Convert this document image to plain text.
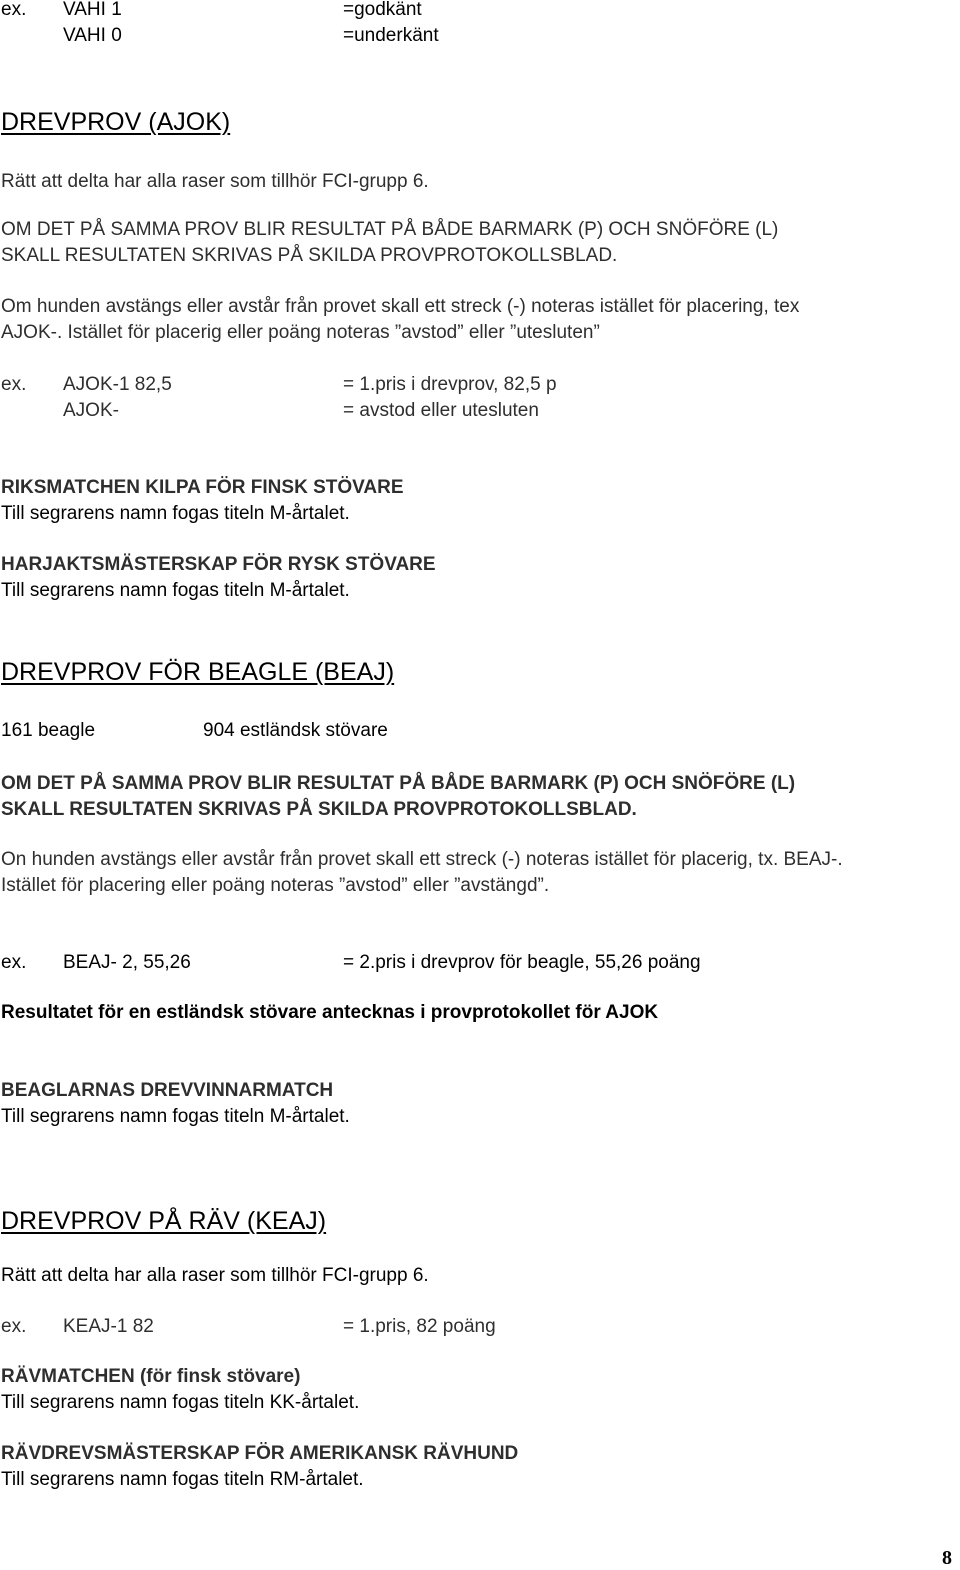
ex. VAHI 1	=godkänt
VAHI 0	=underkänt
DREVPROV (AJOK)
Rätt att delta har alla raser som tillhör FCI-grupp 6.
OM DET PÅ SAMMA PROV BLIR RESULTAT PÅ BÅDE BARMARK (P) OCH SNÖFÖRE (L)
SKALL RESULTATEN SKRIVAS PÅ SKILDA PROVPROTOKOLLSBLAD.
Om hunden avstängs eller avstår från provet skall ett streck (-) noteras istället för placering, tex
AJOK-. Istället för placerig eller poäng noteras ”avstod” eller ”utesluten”
ex. AJOK-1 82,5	= 1.pris i drevprov, 82,5 p
AJOK-	= avstod eller utesluten
RIKSMATCHEN KILPA FÖR FINSK STÖVARE
Till segrarens namn fogas titeln M-årtalet.
HARJAKTSMÄSTERSKAP FÖR RYSK STÖVARE
Till segrarens namn fogas titeln M-årtalet.
DREVPROV FÖR BEAGLE (BEAJ)
161 beagle	904 estländsk stövare
OM DET PÅ SAMMA PROV BLIR RESULTAT PÅ BÅDE BARMARK (P) OCH SNÖFÖRE (L)
SKALL RESULTATEN SKRIVAS PÅ SKILDA PROVPROTOKOLLSBLAD.
On hunden avstängs eller avstår från provet skall ett streck (-) noteras istället för placerig, tx. BEAJ-.
Istället för placering eller poäng noteras ”avstod” eller ”avstängd”.
ex. BEAJ- 2, 55,26	= 2.pris i drevprov för beagle, 55,26 poäng
Resultatet för en estländsk stövare antecknas i provprotokollet för AJOK
BEAGLARNAS DREVVINNARMATCH
Till segrarens namn fogas titeln M-årtalet.
DREVPROV PÅ RÄV (KEAJ)
Rätt att delta har alla raser som tillhör FCI-grupp 6.
ex. KEAJ-1 82	= 1.pris, 82 poäng
RÄVMATCHEN (för finsk stövare)
Till segrarens namn fogas titeln KK-årtalet.
RÄVDREVSMÄSTERSKAP FÖR AMERIKANSK RÄVHUND
Till segrarens namn fogas titeln RM-årtalet.
8
